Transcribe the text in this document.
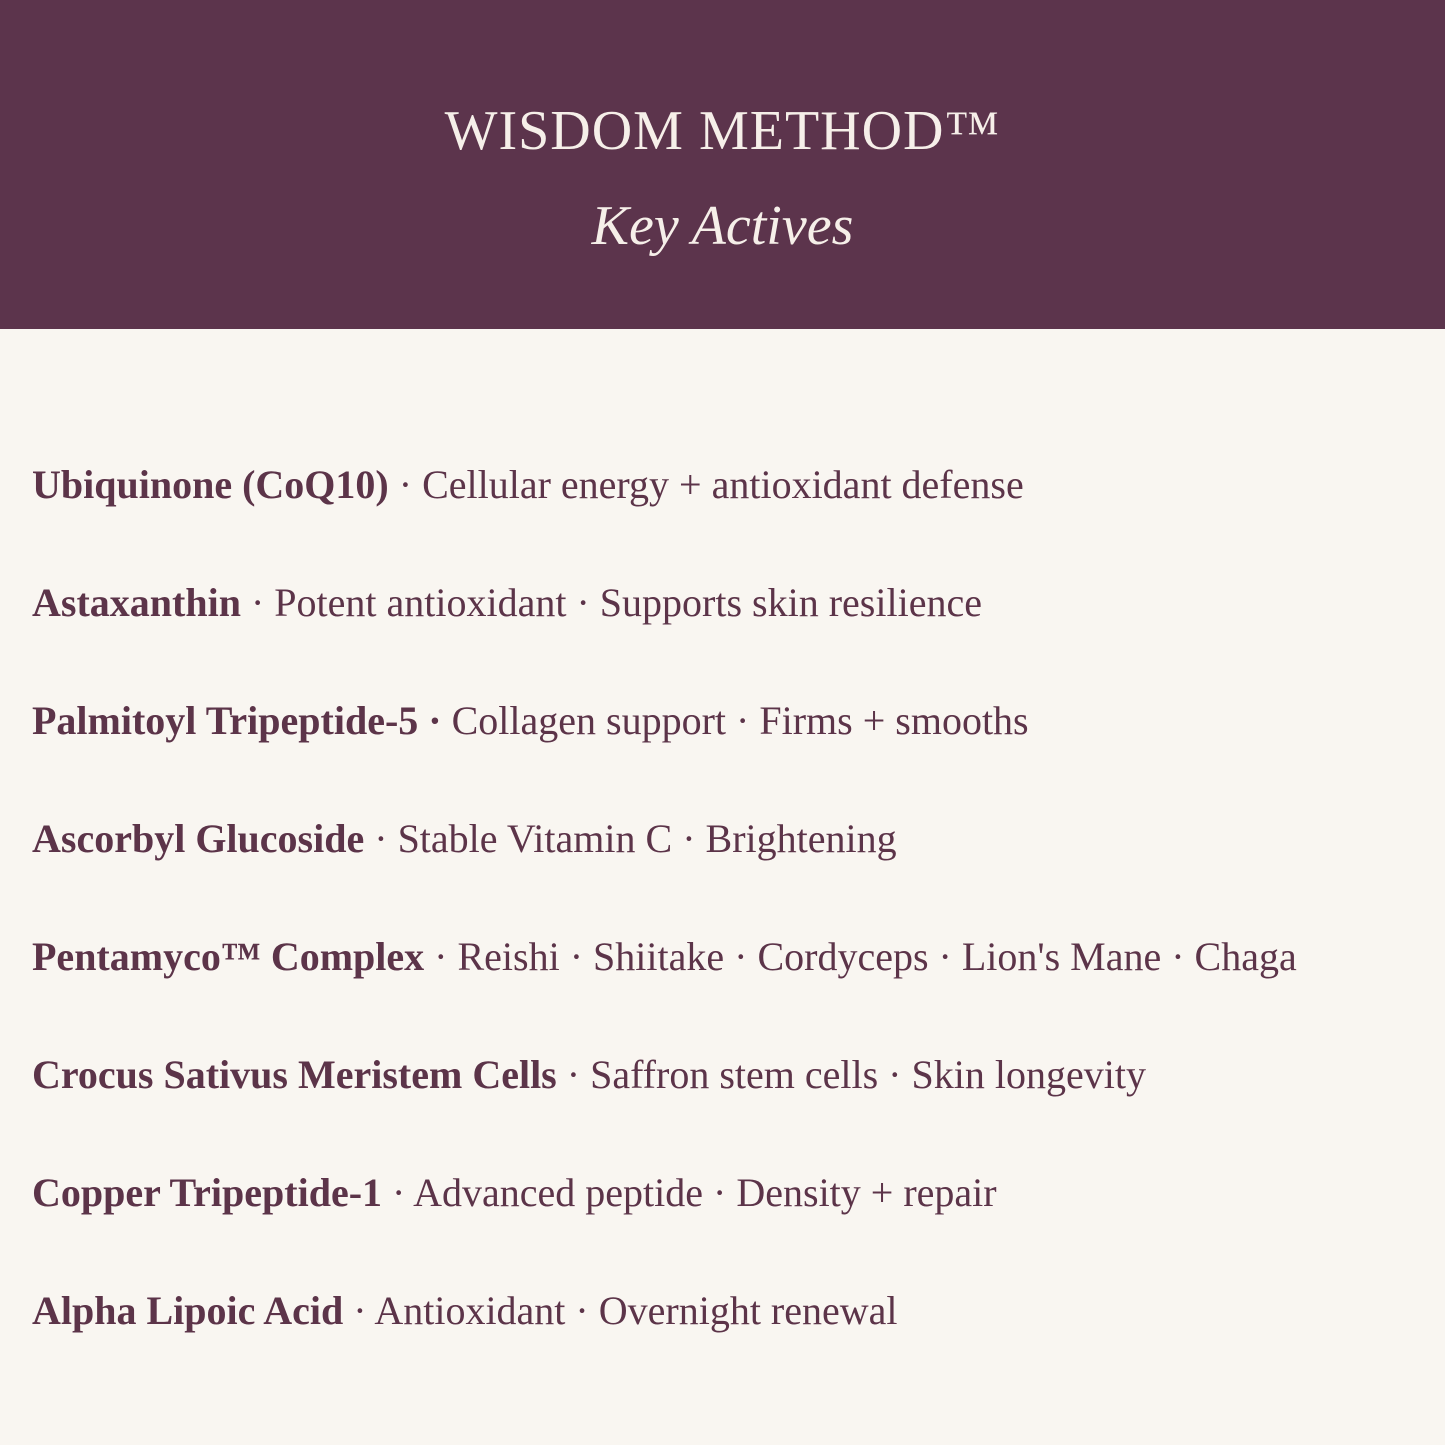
WISDOM METHOD™
Key Actives
Ubiquinone (CoQ10) · Cellular energy + antioxidant defense
Astaxanthin · Potent antioxidant · Supports skin resilience
Palmitoyl Tripeptide-5 · Collagen support · Firms + smooths
Ascorbyl Glucoside · Stable Vitamin C · Brightening
Pentamyco™ Complex · Reishi · Shiitake · Cordyceps · Lion's Mane · Chaga
Crocus Sativus Meristem Cells · Saffron stem cells · Skin longevity
Copper Tripeptide-1 · Advanced peptide · Density + repair
Alpha Lipoic Acid · Antioxidant · Overnight renewal
